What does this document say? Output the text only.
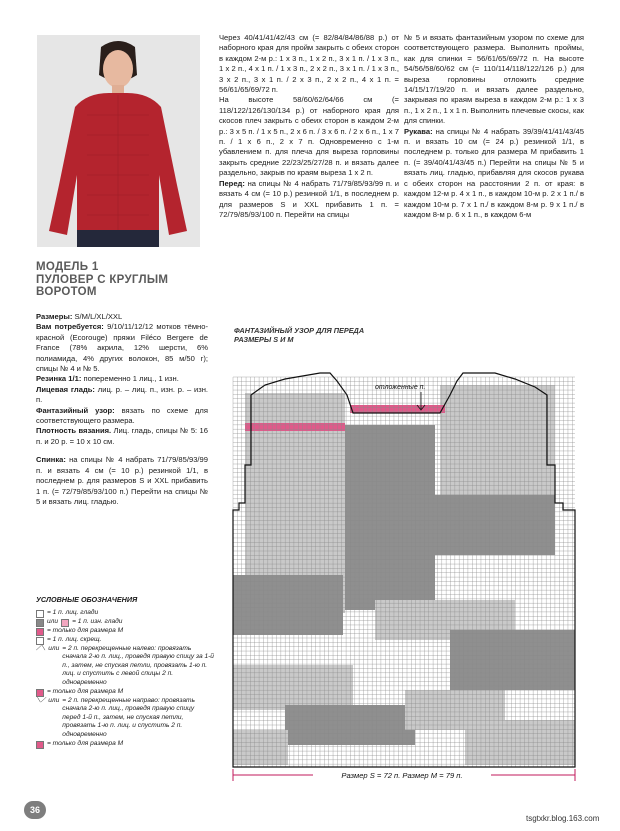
МОДЕЛЬ 1
ПУЛОВЕР С КРУГЛЫМ
ВОРОТОМ

Размеры: S/M/L/XL/XXL

Вам потребуется: 9/10/11/12/12 мотков тёмно-красной (Ecorouge) пряжи Filéco Bergere de France (78% акрила, 12% шерсти, 6% полиамида, 4% других волокон, 85 м/50 г); спицы № 4 и № 5.

Резинка 1/1: попеременно 1 лиц., 1 изн.

Лицевая гладь: лиц. р. – лиц. п., изн. р. – изн. п.

Фантазийный узор: вязать по схеме для соответствующего размера.

Плотность вязания. Лиц. гладь, спицы № 5: 16 п. и 20 р. = 10 x 10 см.

Спинка: на спицы № 4 набрать 71/79/85/93/99 п. и вязать 4 см (= 10 р.) резинкой 1/1, в последнем р. для размеров S и XXL прибавить 1 п. (= 72/79/85/93/100 п.) Перейти на спицы № 5 и вязать лиц. гладью.

УСЛОВНЫЕ ОБОЗНАЧЕНИЯ
= 1 п. лиц. глади
или = 1 п. изн. глади
= только для размера M
= 1 п. лиц. скрещ.
⟋⟍ или = 2 п. перекрещенные налево: провязать сначала 2-ю п. лиц., проведя правую спицу за 1-й п., затем, не спуская петли, провязать 1-ю п. лиц. и спустить с левой спицы 2 п. одновременно
= только для размера M
⟍⟋ или = 2 п. перекрещенные направо: провязать сначала 2-ю п. лиц., проведя правую спицу перед 1-й п., затем, не спуская петли, провязать 1-ю п. лиц. и спустить 2 п. одновременно
= только для размера M

Через 40/41/41/42/43 см (= 82/84/84/86/88 р.) от наборного края для пройм закрыть с обеих сторон в каждом 2-м р.: 1 x 3 п., 1 x 2 п., 3 x 1 п. / 1 x 3 п., 1 x 2 п., 4 x 1 п. / 1 x 3 п., 2 x 2 п., 3 x 1 п. / 1 x 3 п., 3 x 2 п., 3 x 1 п. / 2 x 3 п., 2 x 2 п., 4 x 1 п. = 56/61/65/69/72 п.

На высоте 58/60/62/64/66 см (= 118/122/126/130/134 р.) от наборного края для скосов плеч закрыть с обеих сторон в каждом 2-м р.: 3 x 5 п. / 1 x 5 п., 2 x 6 п. / 3 x 6 п. / 2 x 6 п., 1 x 7 п. / 1 x 6 п., 2 x 7 п. Одновременно с 1-м убавлением п. для плеча для выреза горловины закрыть средние 22/23/25/27/28 п. и вязать далее раздельно, закрыв по краям выреза 1 x 2 п.

Перед: на спицы № 4 набрать 71/79/85/93/99 п. и вязать 4 см (= 10 р.) резинкой 1/1, в последнем р. для размеров S и XXL прибавить 1 п. = 72/79/85/93/100 п. Перейти на спицы

№ 5 и вязать фантазийным узором по схеме для соответствующего размера. Выполнить проймы, как для спинки = 56/61/65/69/72 п. На высоте 54/56/58/60/62 см (= 110/114/118/122/126 р.) для выреза горловины отложить средние 14/15/17/19/20 п. и вязать далее раздельно, закрывая по краям выреза в каждом 2-м р.: 1 x 3 п., 1 x 2 п., 1 x 1 п. Выполнить плечевые скосы, как для спинки.

Рукава: на спицы № 4 набрать 39/39/41/41/43/45 п. и вязать 10 см (= 24 р.) резинкой 1/1, в последнем р. только для размера M прибавить 1 п. (= 39/40/41/43/45 п.) Перейти на спицы № 5 и вязать лиц. гладью, прибавляя для скосов рукава с обеих сторон на расстоянии 2 п. от края: в каждом 12-м р. 4 x 1 п., в каждом 10-м р. 2 x 1 п./ в каждом 10-м р. 7 x 1 п./ в каждом 8-м р. 9 x 1 п./ в каждом 8-м р. 6 x 1 п., в каждом 6-м

ФАНТАЗИЙНЫЙ УЗОР ДЛЯ ПЕРЕДА
РАЗМЕРЫ S И M
отложенные п.
Размер S = 72 п. Размер M = 79 п.
36
tsgtxkr.blog.163.com
